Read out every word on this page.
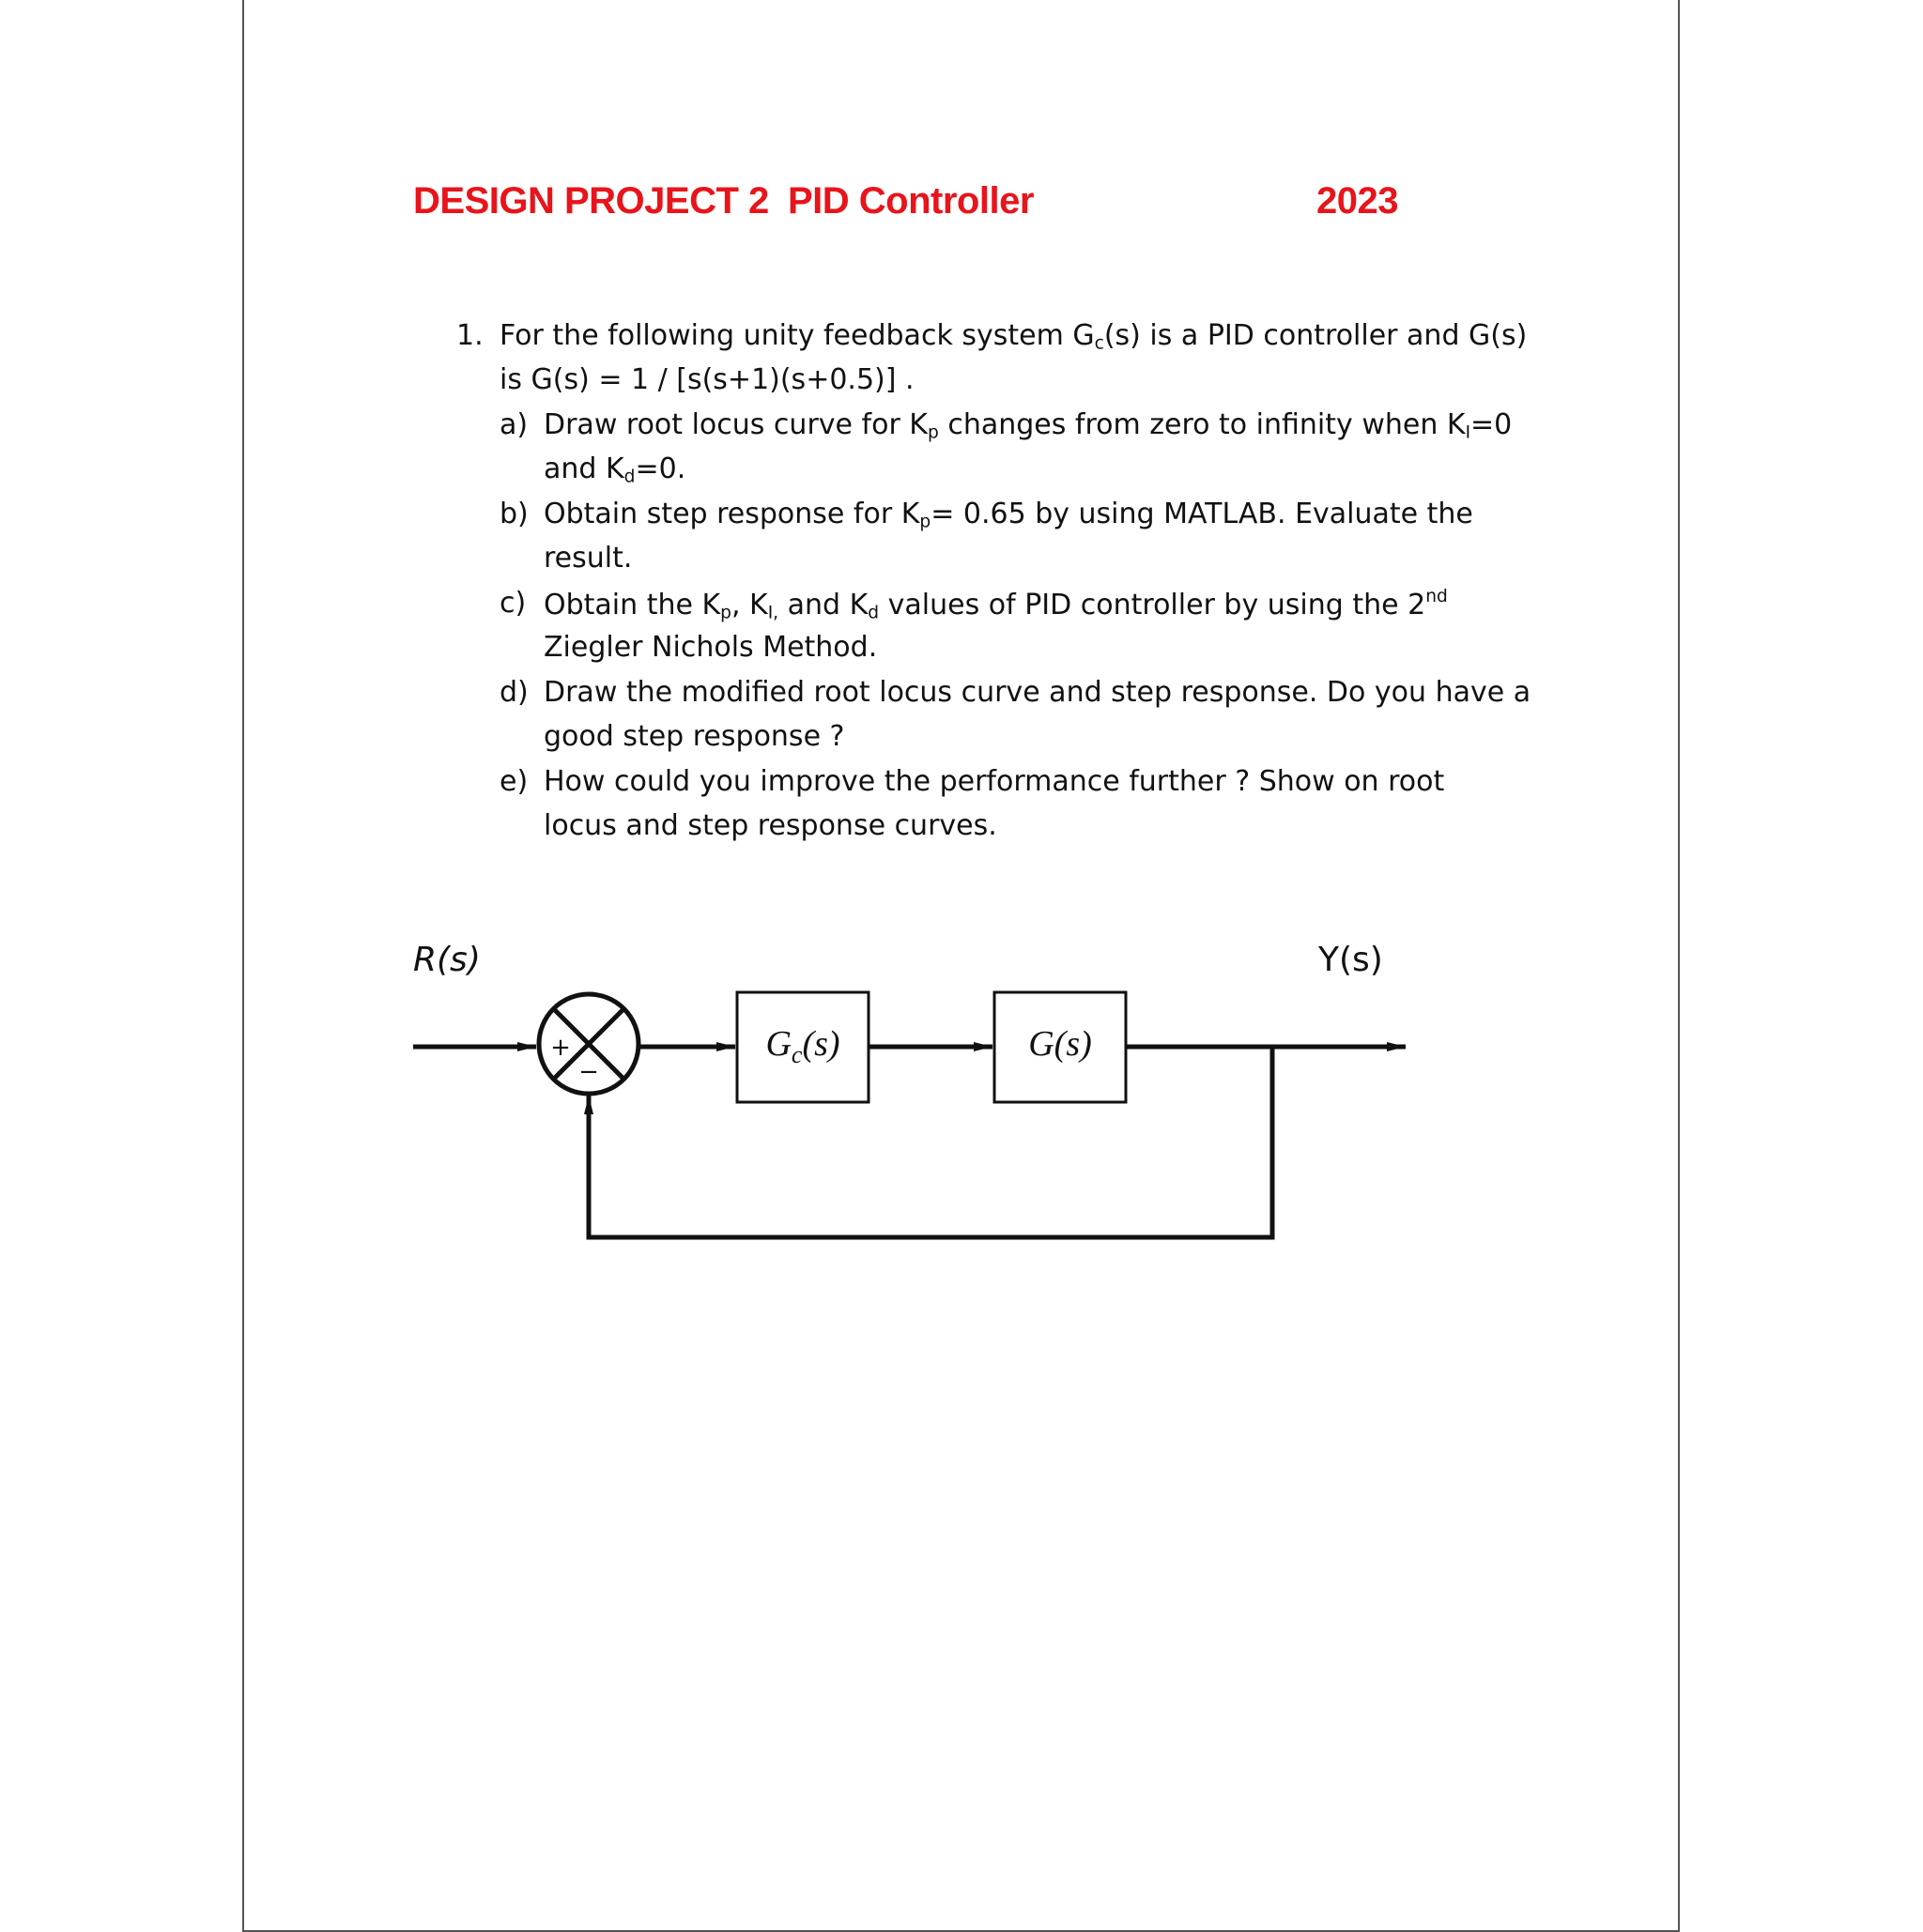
DESIGN PROJECT 2 PID Controller	2023
1. For the following unity feedback system $G_c(s)$ is a PID controller and G(s)
is G(s) = 1 / [s(s+1)(s+0.5)] .
a) Draw root locus curve for $K_p$ changes from zero to infinity when $K_I=0$
and $K_d=0$.
b) Obtain step response for $K_p= 0.65$ by using MATLAB. Evaluate the
result.
c) Obtain the $K_p$, $K_{I,}$ and $K_d$ values of PID controller by using the 2nd
Ziegler Nichols Method.
d) Draw the modified root locus curve and step response. Do you have a
good step response ?
e) How could you improve the performance further ? Show on root
locus and step response curves.
R(s)	Y(s)
+
−
$G_c(s)$	G(s)
